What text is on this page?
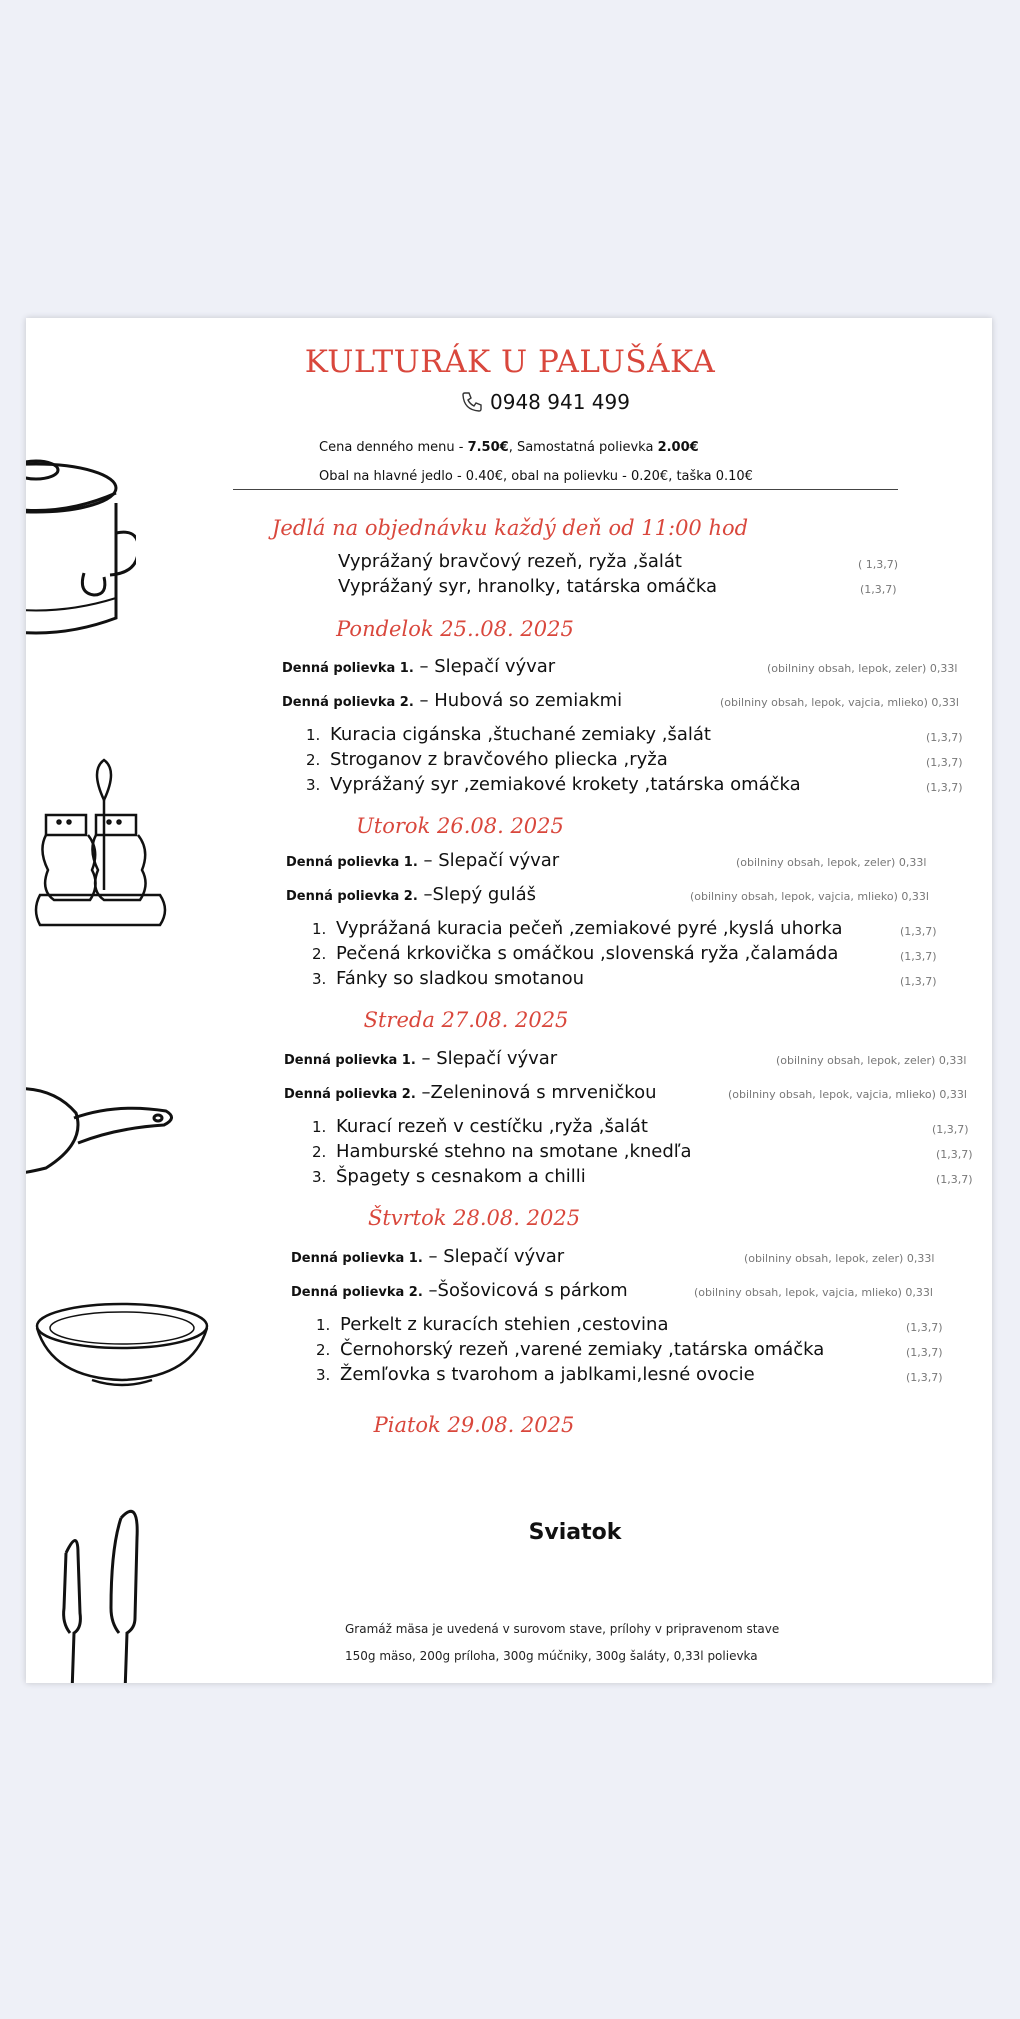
KULTURÁK U PALUŠÁKA
0948 941 499
Cena denného menu - 7.50€, Samostatná polievka 2.00€
Obal na hlavné jedlo - 0.40€, obal na polievku - 0.20€, taška 0.10€
Jedlá na objednávku každý deň od 11:00 hod
Vyprážaný bravčový rezeň, ryža ,šalát	( 1,3,7)
Vyprážaný syr, hranolky, tatárska omáčka	(1,3,7)
Pondelok 25..08. 2025
Denná polievka 1. – Slepačí vývar	(obilniny obsah, lepok, zeler) 0,33l
Denná polievka 2. – Hubová so zemiakmi	(obilniny obsah, lepok, vajcia, mlieko) 0,33l
1. Kuracia cigánska ,štuchané zemiaky ,šalát	(1,3,7)
2. Stroganov z bravčového pliecka ,ryža	(1,3,7)
3. Vyprážaný syr ,zemiakové krokety ,tatárska omáčka	(1,3,7)
Utorok 26.08. 2025
Denná polievka 1. – Slepačí vývar	(obilniny obsah, lepok, zeler) 0,33l
Denná polievka 2. –Slepý guláš	(obilniny obsah, lepok, vajcia, mlieko) 0,33l
1. Vyprážaná kuracia pečeň ,zemiakové pyré ,kyslá uhorka	(1,3,7)
2. Pečená krkovička s omáčkou ,slovenská ryža ,čalamáda	(1,3,7)
3. Fánky so sladkou smotanou	(1,3,7)
Streda 27.08. 2025
Denná polievka 1. – Slepačí vývar	(obilniny obsah, lepok, zeler) 0,33l
Denná polievka 2. –Zeleninová s mrveničkou	(obilniny obsah, lepok, vajcia, mlieko) 0,33l
1. Kurací rezeň v cestíčku ,ryža ,šalát	(1,3,7)
2. Hamburské stehno na smotane ,knedľa	(1,3,7)
3. Špagety s cesnakom a chilli	(1,3,7)
Štvrtok 28.08. 2025
Denná polievka 1. – Slepačí vývar	(obilniny obsah, lepok, zeler) 0,33l
Denná polievka 2. –Šošovicová s párkom	(obilniny obsah, lepok, vajcia, mlieko) 0,33l
1. Perkelt z kuracích stehien ,cestovina	(1,3,7)
2. Černohorský rezeň ,varené zemiaky ,tatárska omáčka	(1,3,7)
3. Žemľovka s tvarohom a jablkami,lesné ovocie	(1,3,7)
Piatok 29.08. 2025
Sviatok
Gramáž mäsa je uvedená v surovom stave, prílohy v pripravenom stave
150g mäso, 200g príloha, 300g múčniky, 300g šaláty, 0,33l polievka
